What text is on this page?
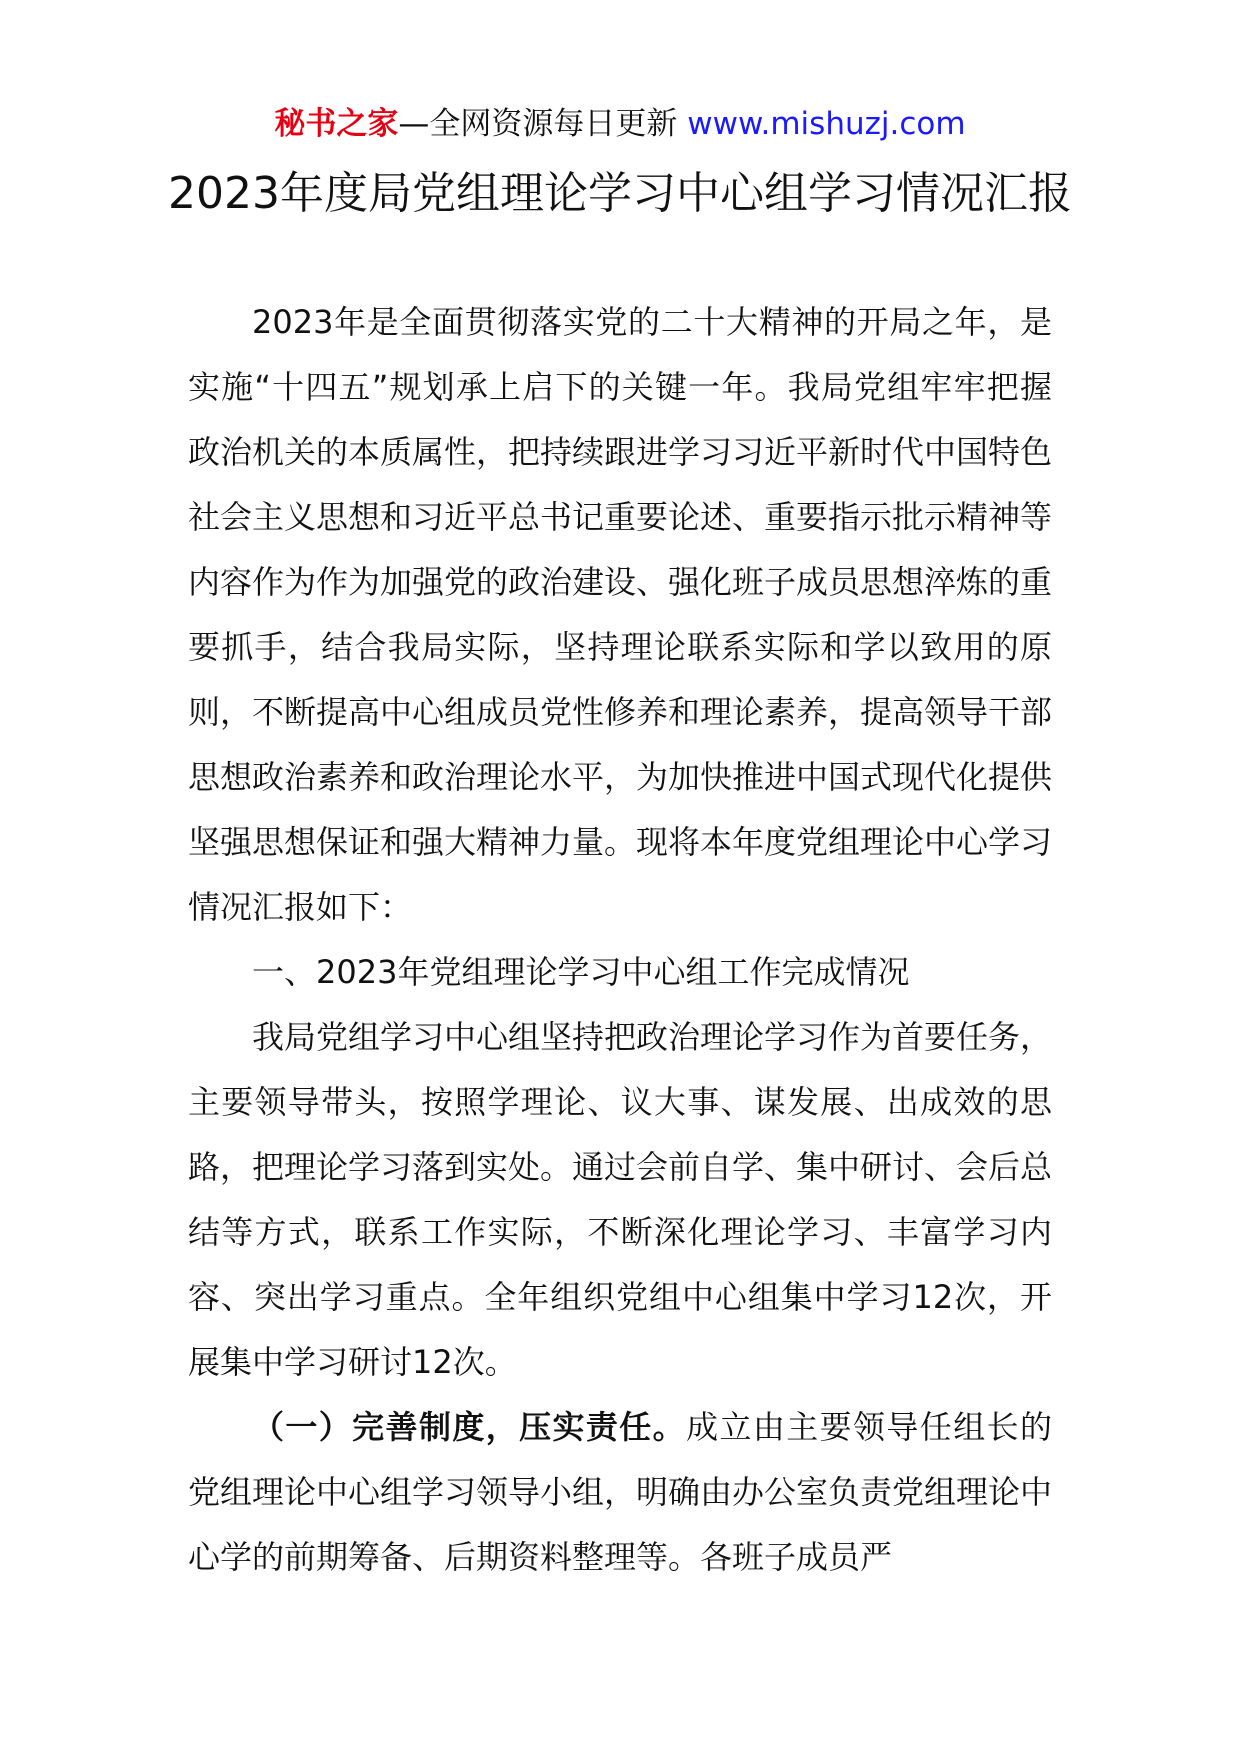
秘书之家—全网资源每日更新 www.mishuzj.com
2023年度局党组理论学习中心组学习情况汇报

2023年是全面贯彻落实党的二十大精神的开局之年，是实施“十四五”规划承上启下的关键一年。我局党组牢牢把握政治机关的本质属性，把持续跟进学习习近平新时代中国特色社会主义思想和习近平总书记重要论述、重要指示批示精神等内容作为作为加强党的政治建设、强化班子成员思想淬炼的重要抓手，结合我局实际，坚持理论联系实际和学以致用的原则，不断提高中心组成员党性修养和理论素养，提高领导干部思想政治素养和政治理论水平，为加快推进中国式现代化提供坚强思想保证和强大精神力量。现将本年度党组理论中心学习情况汇报如下：

一、2023年党组理论学习中心组工作完成情况

我局党组学习中心组坚持把政治理论学习作为首要任务，主要领导带头，按照学理论、议大事、谋发展、出成效的思路，把理论学习落到实处。通过会前自学、集中研讨、会后总结等方式，联系工作实际，不断深化理论学习、丰富学习内容、突出学习重点。全年组织党组中心组集中学习12次，开展集中学习研讨12次。

（一）完善制度，压实责任。成立由主要领导任组长的党组理论中心组学习领导小组，明确由办公室负责党组理论中心学的前期筹备、后期资料整理等。各班子成员严
